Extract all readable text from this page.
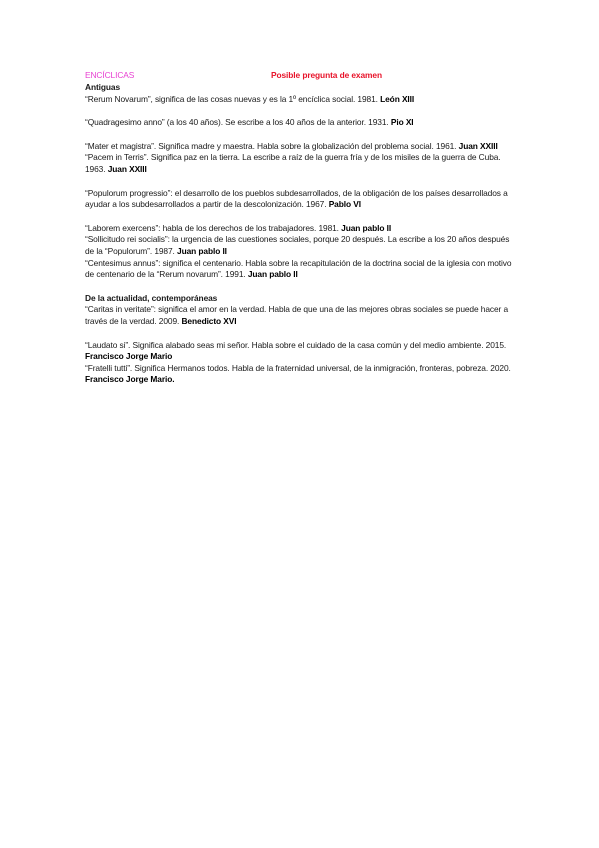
ENCÍCLICAS	Posible pregunta de examen

Antiguas

“Rerum Novarum”, significa de las cosas nuevas y es la 1º encíclica social. 1981. León XIII

“Quadragesimo anno” (a los 40 años). Se escribe a los 40 años de la anterior. 1931. Pio XI

“Mater et magistra”. Significa madre y maestra. Habla sobre la globalización del problema social. 1961. Juan XXIII

“Pacem in Terris”. Significa paz en la tierra. La escribe a raíz de la guerra fría y de los misiles de la guerra de Cuba. 1963. Juan XXIII

“Populorum progressio”: el desarrollo de los pueblos subdesarrollados, de la obligación de los países desarrollados a ayudar a los subdesarrollados a partir de la descolonización. 1967. Pablo VI

“Laborem exercens”: habla de los derechos de los trabajadores. 1981. Juan pablo II

“Sollicitudo rei socialis”: la urgencia de las cuestiones sociales, porque 20 después. La escribe a los 20 años después de la “Populorum”. 1987. Juan pablo II

“Centesimus annus”: significa el centenario. Habla sobre la recapitulación de la doctrina social de la iglesia con motivo de centenario de la “Rerum novarum”. 1991. Juan pablo II

De la actualidad, contemporáneas

“Caritas in veritate”: significa el amor en la verdad. Habla de que una de las mejores obras sociales se puede hacer a través de la verdad. 2009. Benedicto XVI

“Laudato si”. Significa alabado seas mi señor. Habla sobre el cuidado de la casa común y del medio ambiente. 2015. Francisco Jorge Mario

“Fratelli tutti”. Significa Hermanos todos. Habla de la fraternidad universal, de la inmigración, fronteras, pobreza. 2020. Francisco Jorge Mario.
